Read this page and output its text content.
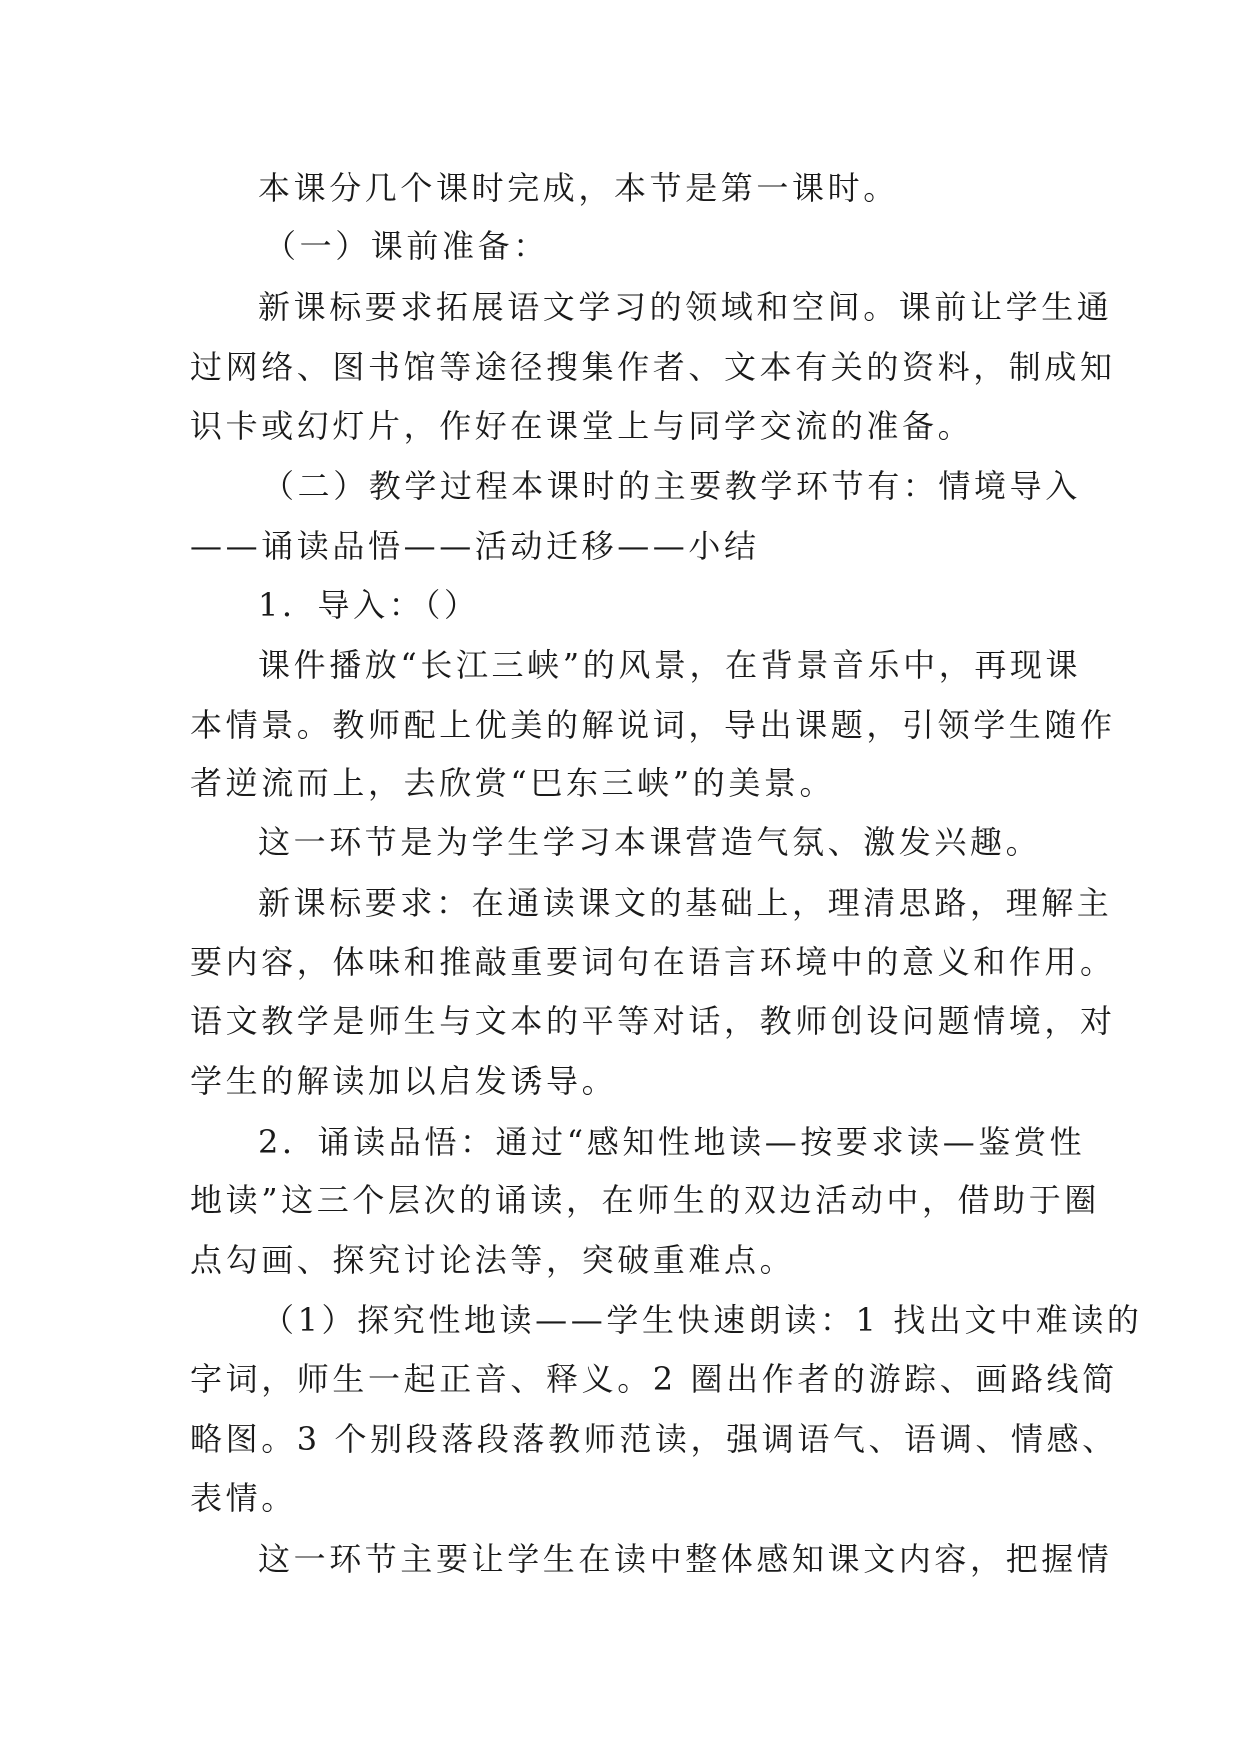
本课分几个课时完成，本节是第一课时。
（一）课前准备：
新课标要求拓展语文学习的领域和空间。课前让学生通
过网络、图书馆等途径搜集作者、文本有关的资料，制成知
识卡或幻灯片，作好在课堂上与同学交流的准备。
（二）教学过程本课时的主要教学环节有：情境导入
——诵读品悟——活动迁移——小结
1．导入：（）
课件播放“长江三峡”的风景，在背景音乐中，再现课
本情景。教师配上优美的解说词，导出课题，引领学生随作
者逆流而上，去欣赏“巴东三峡”的美景。
这一环节是为学生学习本课营造气氛、激发兴趣。
新课标要求：在通读课文的基础上，理清思路，理解主
要内容，体味和推敲重要词句在语言环境中的意义和作用。
语文教学是师生与文本的平等对话，教师创设问题情境，对
学生的解读加以启发诱导。
2．诵读品悟：通过“感知性地读—按要求读—鉴赏性
地读”这三个层次的诵读，在师生的双边活动中，借助于圈
点勾画、探究讨论法等，突破重难点。
（1）探究性地读——学生快速朗读：1 找出文中难读的
字词，师生一起正音、释义。2 圈出作者的游踪、画路线简
略图。3 个别段落段落教师范读，强调语气、语调、情感、
表情。
这一环节主要让学生在读中整体感知课文内容，把握情
